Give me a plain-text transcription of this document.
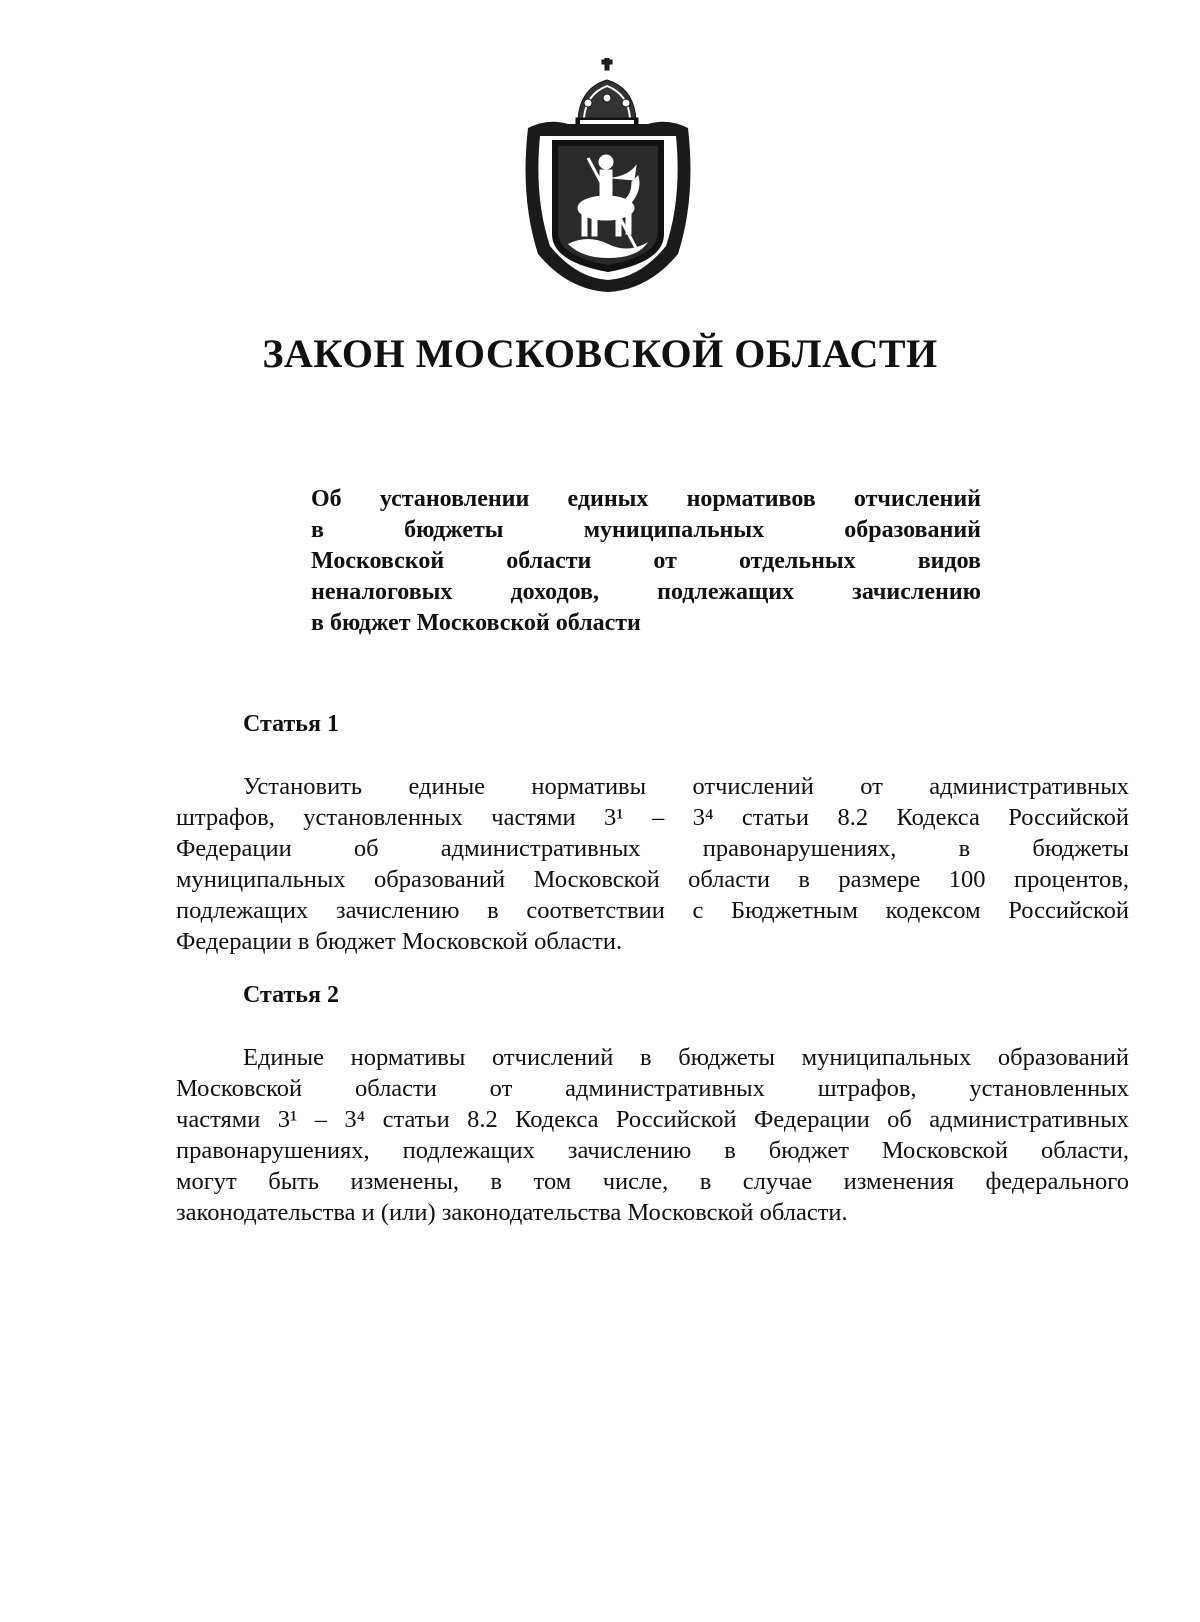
ЗАКОН МОСКОВСКОЙ ОБЛАСТИ
Об установлении единых нормативов отчислений
в бюджеты муниципальных образований
Московской области от отдельных видов
неналоговых доходов, подлежащих зачислению
в бюджет Московской области
Статья 1
Установить единые нормативы отчислений от административных
штрафов, установленных частями 3¹ – 3⁴ статьи 8.2 Кодекса Российской
Федерации об административных правонарушениях, в бюджеты
муниципальных образований Московской области в размере 100 процентов,
подлежащих зачислению в соответствии с Бюджетным кодексом Российской
Федерации в бюджет Московской области.
Статья 2
Единые нормативы отчислений в бюджеты муниципальных образований
Московской области от административных штрафов, установленных
частями 3¹ – 3⁴ статьи 8.2 Кодекса Российской Федерации об административных
правонарушениях, подлежащих зачислению в бюджет Московской области,
могут быть изменены, в том числе, в случае изменения федерального
законодательства и (или) законодательства Московской области.
